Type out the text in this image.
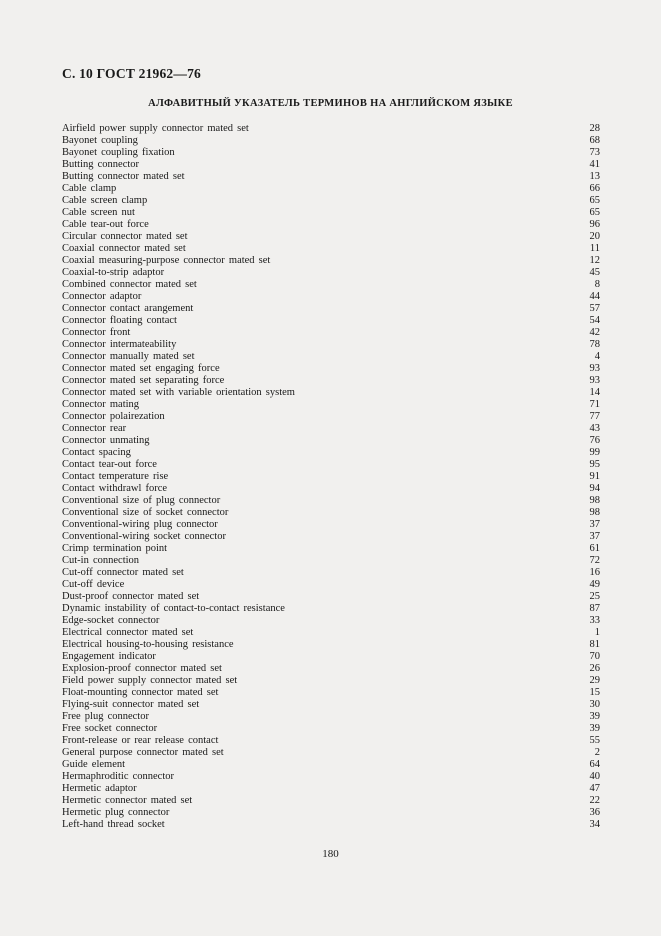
С. 10 ГОСТ 21962—76
АЛФАВИТНЫЙ УКАЗАТЕЛЬ ТЕРМИНОВ НА АНГЛИЙСКОМ ЯЗЫКЕ
Airfield power supply connector mated set	28
Bayonet coupling	68
Bayonet coupling fixation	73
Butting connector	41
Butting connector mated set	13
Cable clamp	66
Cable screen clamp	65
Cable screen nut	65
Cable tear-out force	96
Circular connector mated set	20
Coaxial connector mated set	11
Coaxial measuring-purpose connector mated set	12
Coaxial-to-strip adaptor	45
Combined connector mated set	8
Connector adaptor	44
Connector contact arangement	57
Connector floating contact	54
Connector front	42
Connector intermateability	78
Connector manually mated set	4
Connector mated set engaging force	93
Connector mated set separating force	93
Connector mated set with variable orientation system	14
Connector mating	71
Connector polairezation	77
Connector rear	43
Connector unmating	76
Contact spacing	99
Contact tear-out force	95
Contact temperature rise	91
Contact withdrawl force	94
Conventional size of plug connector	98
Conventional size of socket connector	98
Conventional-wiring plug connector	37
Conventional-wiring socket connector	37
Crimp termination point	61
Cut-in connection	72
Cut-off connector mated set	16
Cut-off device	49
Dust-proof connector mated set	25
Dynamic instability of contact-to-contact resistance	87
Edge-socket connector	33
Electrical connector mated set	1
Electrical housing-to-housing resistance	81
Engagement indicator	70
Explosion-proof connector mated set	26
Field power supply connector mated set	29
Float-mounting connector mated set	15
Flying-suit connector mated set	30
Free plug connector	39
Free socket connector	39
Front-release or rear release contact	55
General purpose connector mated set	2
Guide element	64
Hermaphroditic connector	40
Hermetic adaptor	47
Hermetic connector mated set	22
Hermetic plug connector	36
Left-hand thread socket	34
180
